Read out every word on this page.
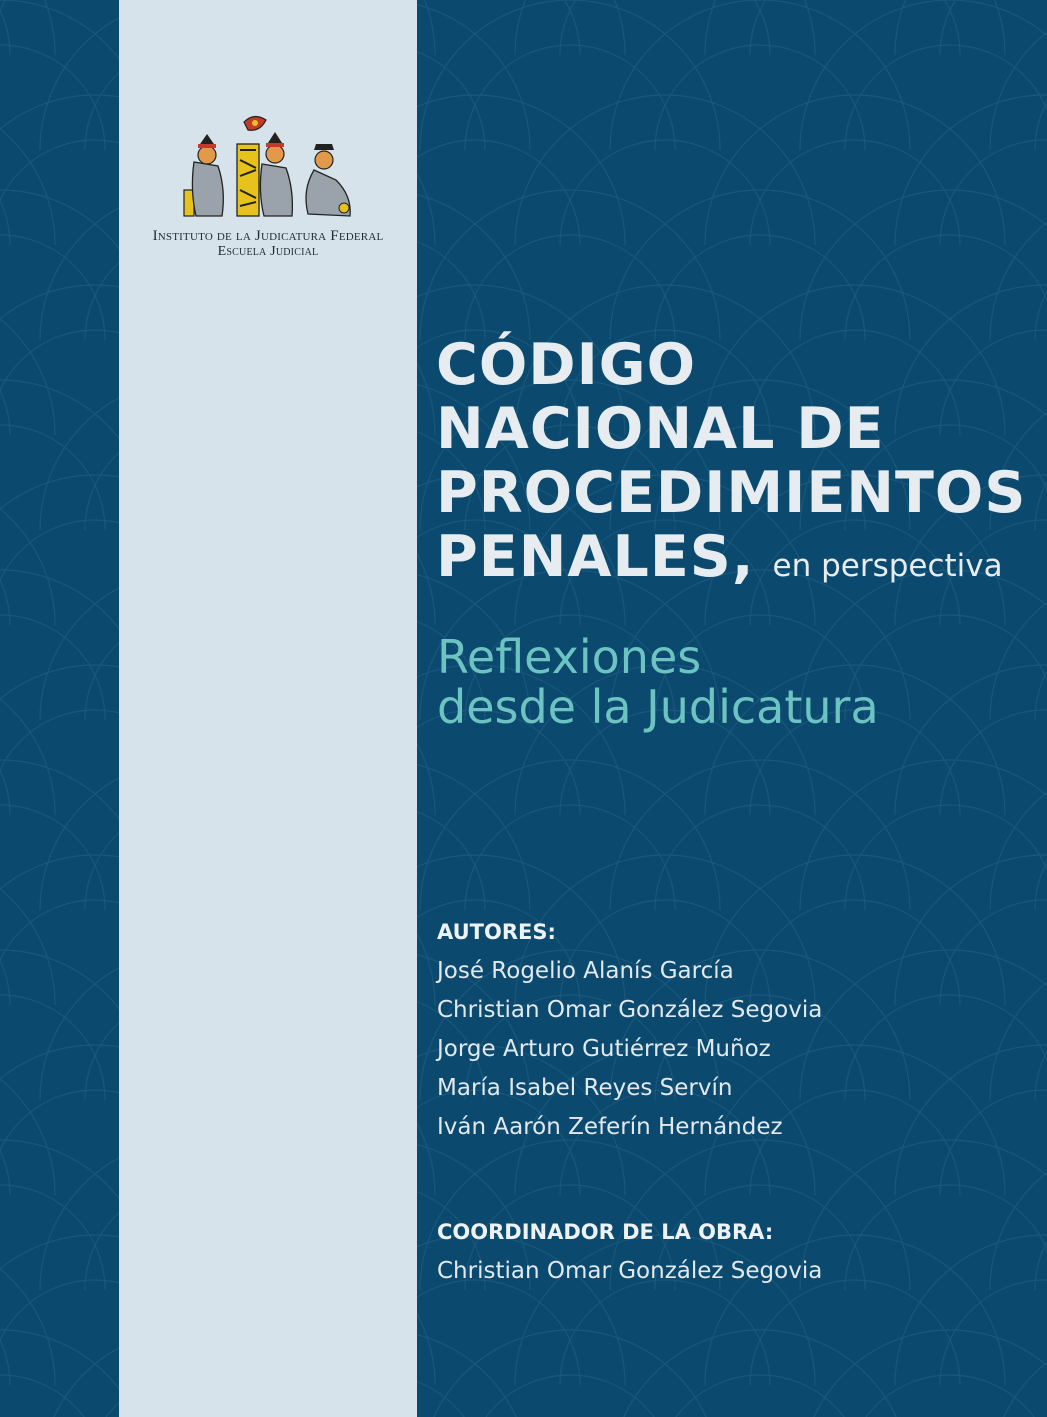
Instituto de la Judicatura Federal
Escuela Judicial
CÓDIGO
NACIONAL DE
PROCEDIMIENTOS
PENALES, en perspectiva
Reflexiones
desde la Judicatura
AUTORES:
José Rogelio Alanís García
Christian Omar González Segovia
Jorge Arturo Gutiérrez Muñoz
María Isabel Reyes Servín
Iván Aarón Zeferín Hernández
COORDINADOR DE LA OBRA:
Christian Omar González Segovia
